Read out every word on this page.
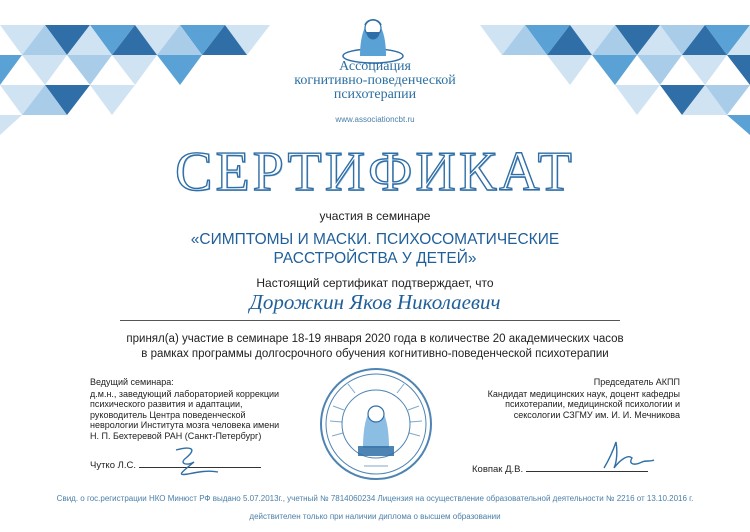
Ассоциация
когнитивно-поведенческой
психотерапии
www.associationcbt.ru
СЕРТИФИКАТ
участия в семинаре
«СИМПТОМЫ И МАСКИ. ПСИХОСОМАТИЧЕСКИЕ
РАССТРОЙСТВА У ДЕТЕЙ»
Настоящий сертификат подтверждает, что
Дорожкин Яков Николаевич
принял(а) участие в семинаре 18-19 января 2020 года в количестве 20 академических часов
в рамках программы долгосрочного обучения когнитивно-поведенческой психотерапии
Ведущий семинара:
д.м.н., заведующий лабораторией коррекции
психического развития и адаптации,
руководитель Центра поведенческой
неврологии Института мозга человека имени
Н. П. Бехтеревой РАН (Санкт-Петербург)
Председатель АКПП
Кандидат медицинских наук, доцент кафедры
психотерапии, медицинской психологии и
сексологии СЗГМУ им. И. И. Мечникова
Чутко Л.С.	Ковпак Д.В.
Свид. о гос.регистрации НКО Минюст РФ выдано 5.07.2013г., учетный № 7814060234 Лицензия на осуществление образовательной деятельности № 2216 от 13.10.2016 г.
действителен только при наличии диплома о высшем образовании
